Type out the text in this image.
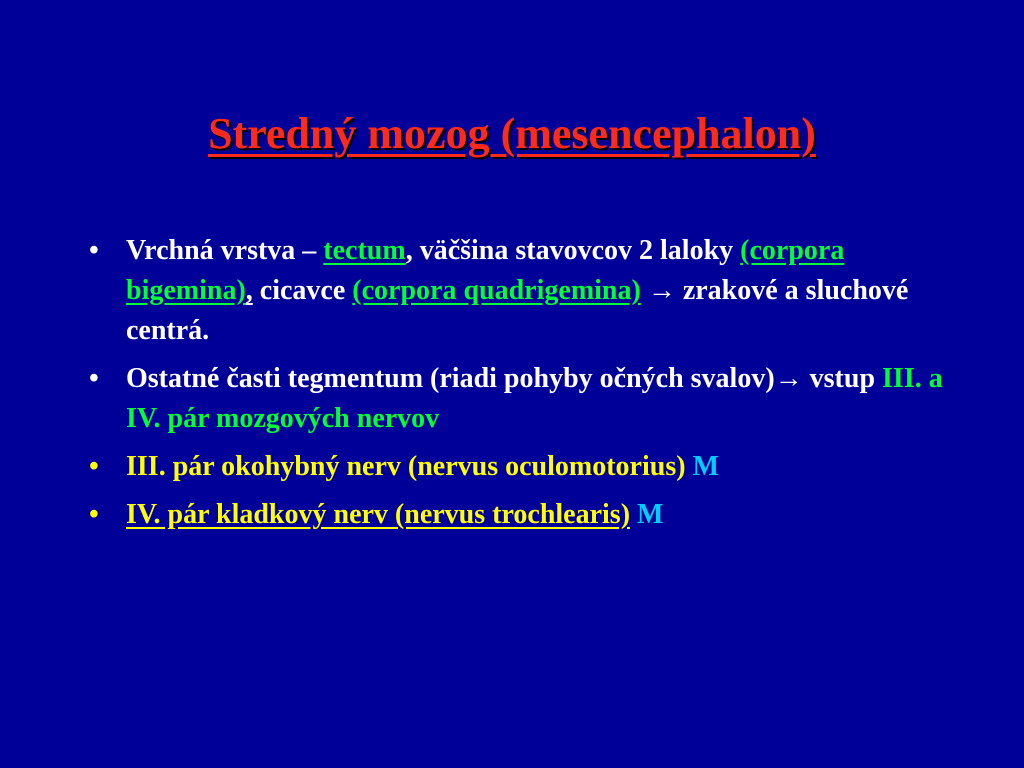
Stredný mozog (mesencephalon)
• Vrchná vrstva – tectum, väčšina stavovcov 2 laloky (corpora bigemina), cicavce (corpora quadrigemina) → zrakové a sluchové centrá.
• Ostatné časti tegmentum (riadi pohyby očných svalov)→ vstup III. a IV. pár mozgových nervov
• III. pár okohybný nerv (nervus oculomotorius) M
• IV. pár kladkový nerv (nervus trochlearis) M
